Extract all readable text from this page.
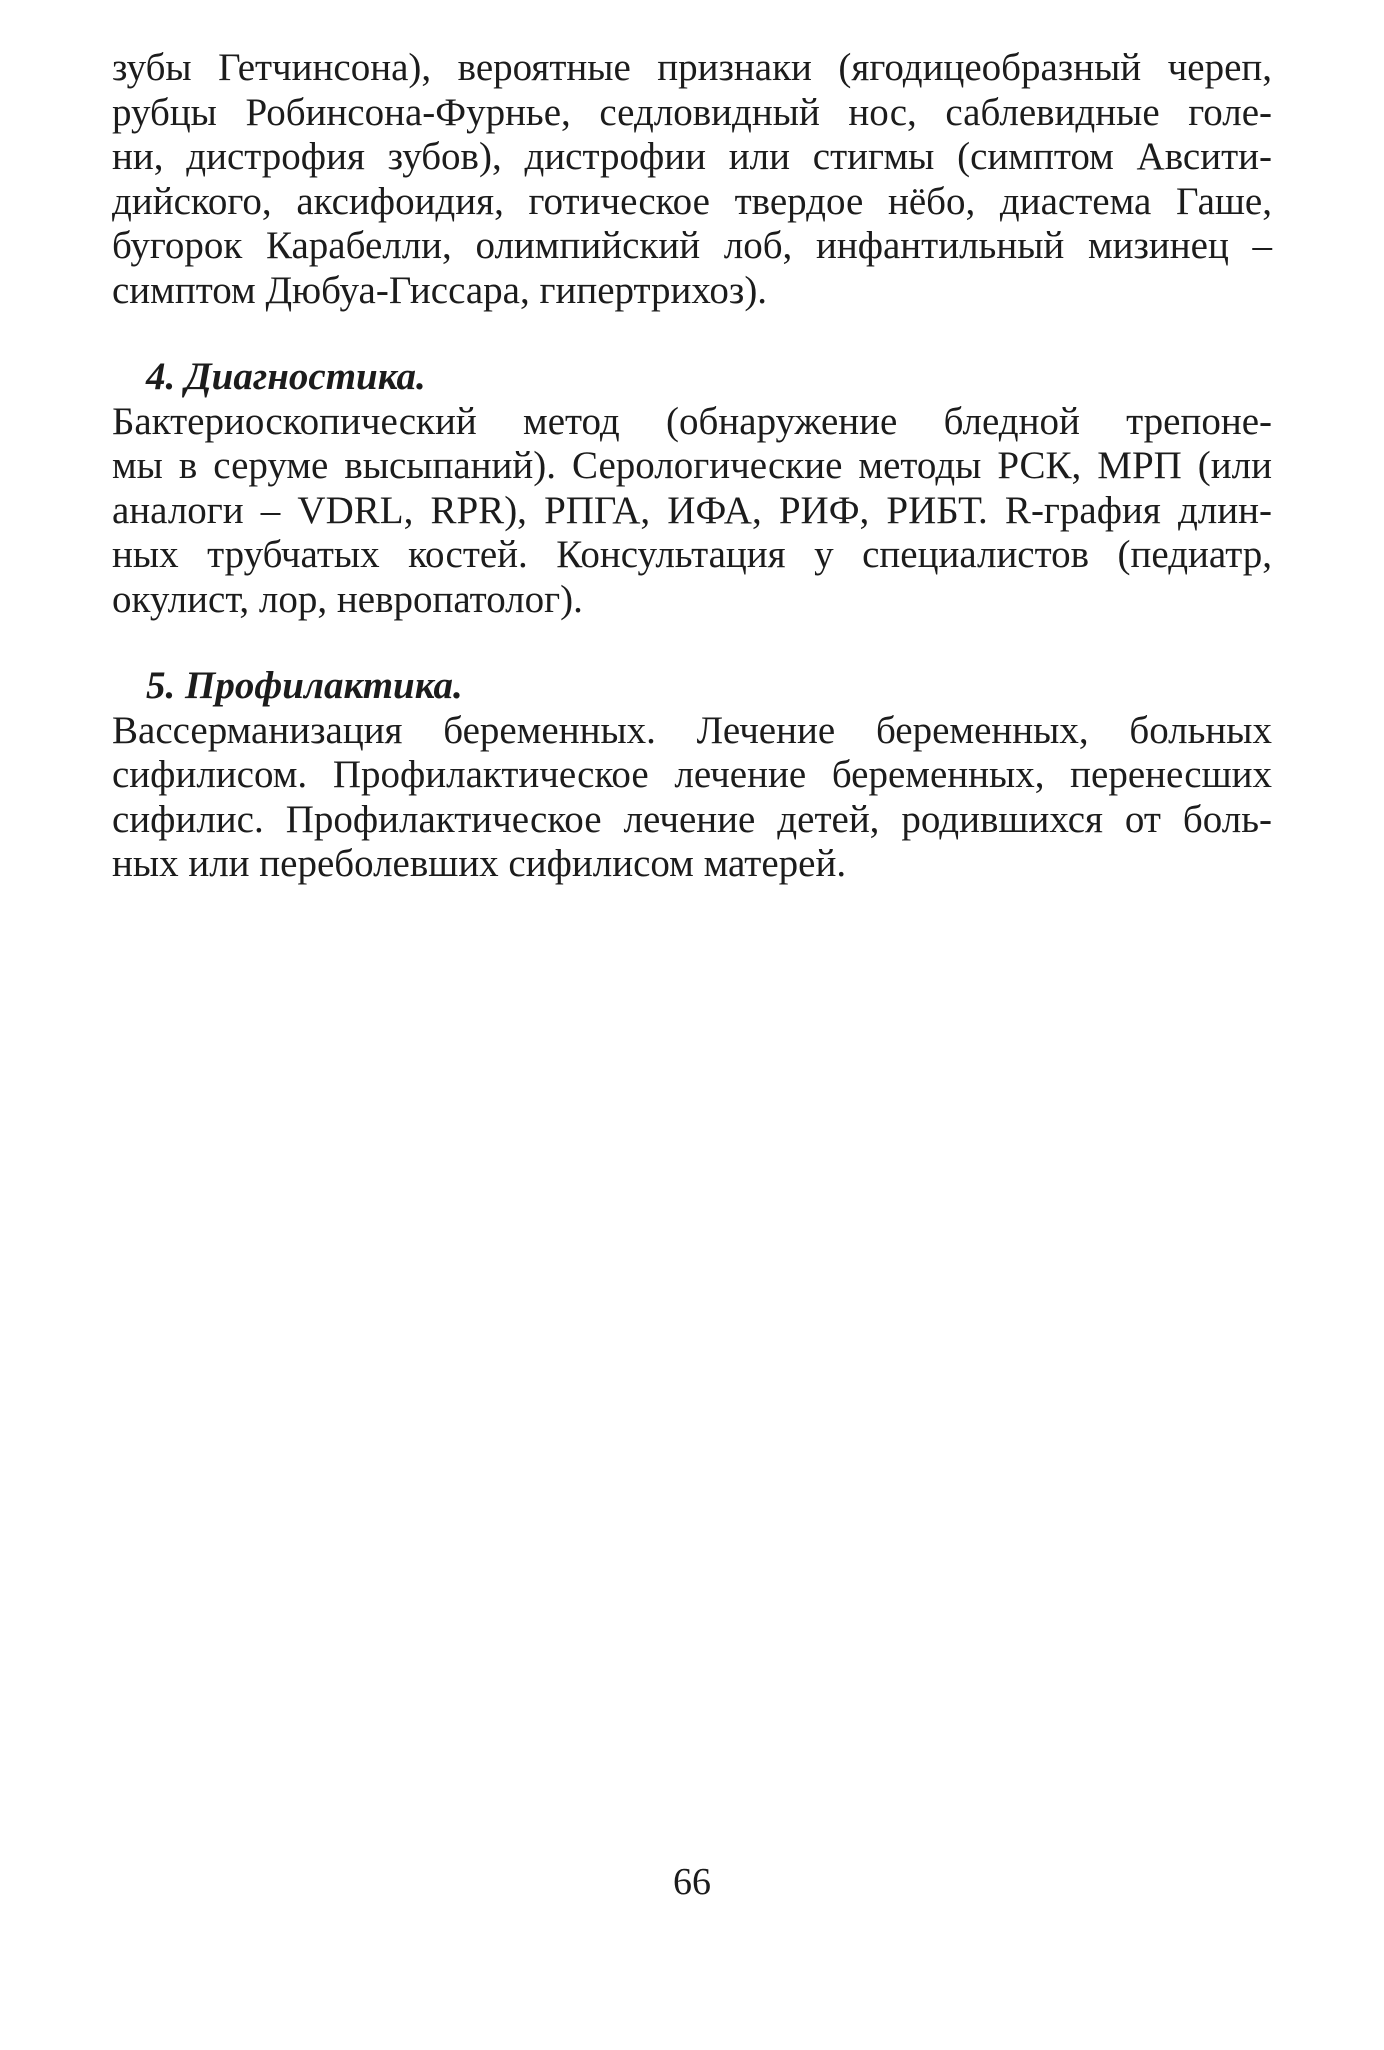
зубы Гетчинсона), вероятные признаки (ягодицеобразный череп,
рубцы Робинсона-Фурнье, седловидный нос, саблевидные голе-
ни, дистрофия зубов), дистрофии или стигмы (симптом Авсити-
дийского, аксифоидия, готическое твердое нёбо, диастема Гаше,
бугорок Карабелли, олимпийский лоб, инфантильный мизинец –
симптом Дюбуа-Гиссара, гипертрихоз).

4. Диагностика.

Бактериоскопический метод (обнаружение бледной трепоне-
мы в серуме высыпаний). Серологические методы РСК, МРП (или
аналоги – VDRL, RPR), РПГА, ИФА, РИФ, РИБТ. R-графия длин-
ных трубчатых костей. Консультация у специалистов (педиатр,
окулист, лор, невропатолог).

5. Профилактика.

Вассерманизация беременных. Лечение беременных, больных
сифилисом. Профилактическое лечение беременных, перенесших
сифилис. Профилактическое лечение детей, родившихся от боль-
ных или переболевших сифилисом матерей.

66
